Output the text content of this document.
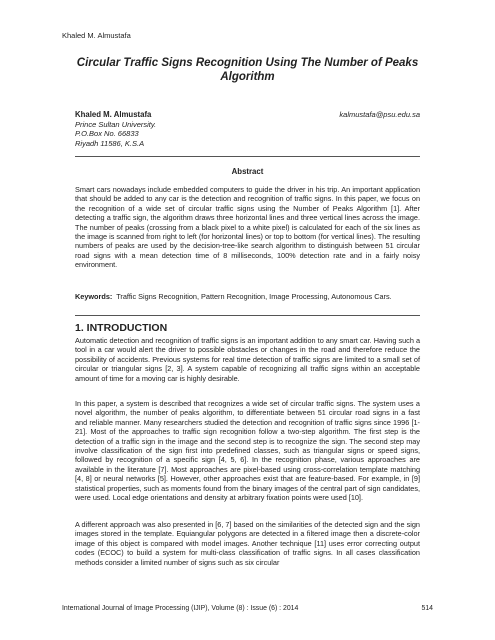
Khaled M. Almustafa
Circular Traffic Signs Recognition Using The Number of Peaks Algorithm
Khaled M. Almustafa
Prince Sultan University.
P.O.Box No. 66833
Riyadh 11586, K.S.A
kalmustafa@psu.edu.sa
Abstract

Smart cars nowadays include embedded computers to guide the driver in his trip. An important application that should be added to any car is the detection and recognition of traffic signs. In this paper, we focus on the recognition of a wide set of circular traffic signs using the Number of Peaks Algorithm [1]. After detecting a traffic sign, the algorithm draws three horizontal lines and three vertical lines across the image. The number of peaks (crossing from a black pixel to a white pixel) is calculated for each of the six lines as the image is scanned from right to left (for horizontal lines) or top to bottom (for vertical lines). The resulting numbers of peaks are used by the decision-tree-like search algorithm to distinguish between 51 circular road signs with a mean detection time of 8 milliseconds, 100% detection rate and in a fairly noisy environment.

Keywords: Traffic Signs Recognition, Pattern Recognition, Image Processing, Autonomous Cars.

1. INTRODUCTION

Automatic detection and recognition of traffic signs is an important addition to any smart car. Having such a tool in a car would alert the driver to possible obstacles or changes in the road and therefore reduce the possibility of accidents. Previous systems for real time detection of traffic signs are limited to a small set of circular or triangular signs [2, 3]. A system capable of recognizing all traffic signs within an acceptable amount of time for a moving car is highly desirable.

In this paper, a system is described that recognizes a wide set of circular traffic signs. The system uses a novel algorithm, the number of peaks algorithm, to differentiate between 51 circular road signs in a fast and reliable manner. Many researchers studied the detection and recognition of traffic signs since 1996 [1-21]. Most of the approaches to traffic sign recognition follow a two-step algorithm. The first step is the detection of a traffic sign in the image and the second step is to recognize the sign. The second step may involve classification of the sign first into predefined classes, such as triangular signs or speed signs, followed by recognition of a specific sign [4, 5, 6]. In the recognition phase, various approaches are available in the literature [7]. Most approaches are pixel-based using cross-correlation template matching [4, 8] or neural networks [5]. However, other approaches exist that are feature-based. For example, in [9] statistical properties, such as moments found from the binary images of the central part of sign candidates, were used. Local edge orientations and density at arbitrary fixation points were used [10].

A different approach was also presented in [6, 7] based on the similarities of the detected sign and the sign images stored in the template. Equiangular polygons are detected in a filtered image then a discrete-color image of this object is compared with model images. Another technique [11] uses error correcting output codes (ECOC) to build a system for multi-class classification of traffic signs. In all cases classification methods consider a limited number of signs such as six circular

International Journal of Image Processing (IJIP), Volume (8) : Issue (6) : 2014	514
